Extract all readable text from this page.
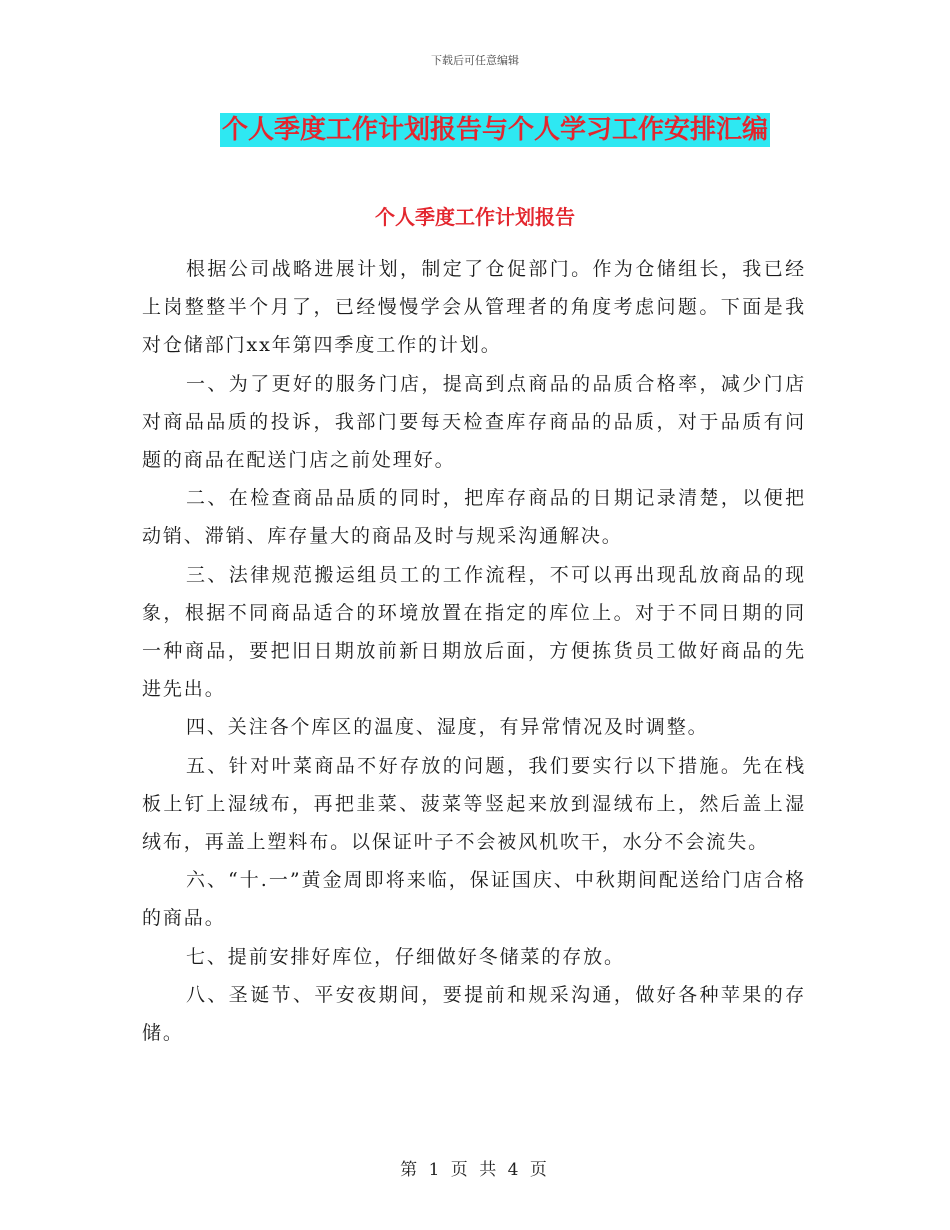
下载后可任意编辑
个人季度工作计划报告与个人学习工作安排汇编
个人季度工作计划报告

根据公司战略进展计划，制定了仓促部门。作为仓储组长，我已经上岗整整半个月了，已经慢慢学会从管理者的角度考虑问题。下面是我对仓储部门xx年第四季度工作的计划。

一、为了更好的服务门店，提高到点商品的品质合格率，减少门店对商品品质的投诉，我部门要每天检查库存商品的品质，对于品质有问题的商品在配送门店之前处理好。

二、在检查商品品质的同时，把库存商品的日期记录清楚，以便把动销、滞销、库存量大的商品及时与规采沟通解决。

三、法律规范搬运组员工的工作流程，不可以再出现乱放商品的现象，根据不同商品适合的环境放置在指定的库位上。对于不同日期的同一种商品，要把旧日期放前新日期放后面，方便拣货员工做好商品的先进先出。

四、关注各个库区的温度、湿度，有异常情况及时调整。

五、针对叶菜商品不好存放的问题，我们要实行以下措施。先在栈板上钉上湿绒布，再把韭菜、菠菜等竖起来放到湿绒布上，然后盖上湿绒布，再盖上塑料布。以保证叶子不会被风机吹干，水分不会流失。

六、“十.一”黄金周即将来临，保证国庆、中秋期间配送给门店合格的商品。

七、提前安排好库位，仔细做好冬储菜的存放。

八、圣诞节、平安夜期间，要提前和规采沟通，做好各种苹果的存储。

第 1 页 共 4 页
